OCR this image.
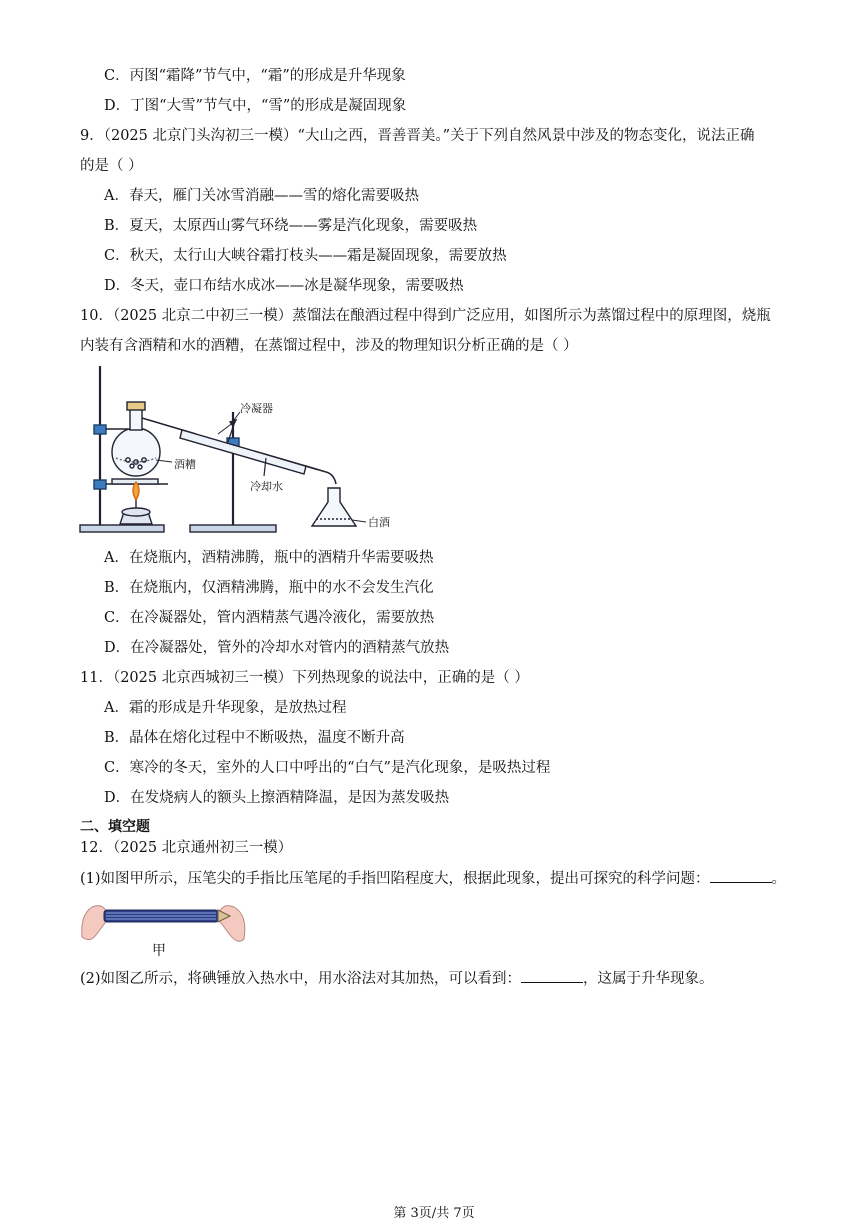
C．丙图“霜降”节气中，“霜”的形成是升华现象
D．丁图“大雪”节气中，“雪”的形成是凝固现象
9．（2025 北京门头沟初三一模）“大山之西，晋善晋美。”关于下列自然风景中涉及的物态变化，说法正确
的是（ ）
A．春天，雁门关冰雪消融——雪的熔化需要吸热
B．夏天，太原西山雾气环绕——雾是汽化现象，需要吸热
C．秋天，太行山大峡谷霜打枝头——霜是凝固现象，需要放热
D．冬天，壶口布结水成冰——冰是凝华现象，需要吸热
10．（2025 北京二中初三一模）蒸馏法在酿酒过程中得到广泛应用，如图所示为蒸馏过程中的原理图，烧瓶
内装有含酒精和水的酒糟，在蒸馏过程中，涉及的物理知识分析正确的是（ ）
冷凝器
酒糟
冷却水
白酒
A．在烧瓶内，酒精沸腾，瓶中的酒精升华需要吸热
B．在烧瓶内，仅酒精沸腾，瓶中的水不会发生汽化
C．在冷凝器处，管内酒精蒸气遇冷液化，需要放热
D．在冷凝器处，管外的冷却水对管内的酒精蒸气放热
11．（2025 北京西城初三一模）下列热现象的说法中，正确的是（ ）
A．霜的形成是升华现象，是放热过程
B．晶体在熔化过程中不断吸热，温度不断升高
C．寒冷的冬天，室外的人口中呼出的“白气”是汽化现象，是吸热过程
D．在发烧病人的额头上擦酒精降温，是因为蒸发吸热
二、填空题
12．（2025 北京通州初三一模）
(1)如图甲所示，压笔尖的手指比压笔尾的手指凹陷程度大，根据此现象，提出可探究的科学问题：	。
甲
(2)如图乙所示，将碘锤放入热水中，用水浴法对其加热，可以看到：	，这属于升华现象。
第 3页/共 7页
